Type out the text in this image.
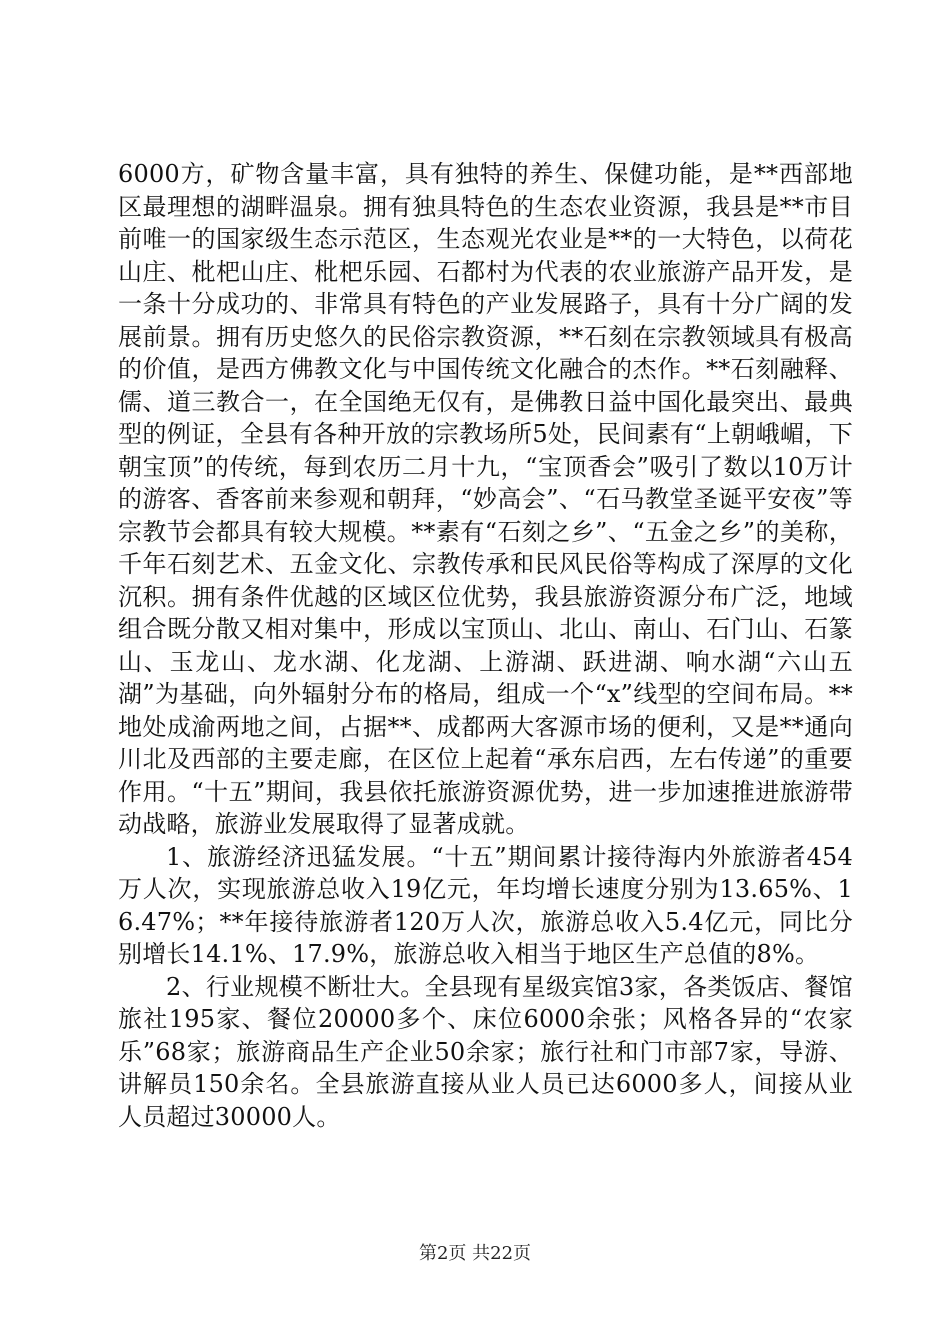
6000方，矿物含量丰富，具有独特的养生、保健功能，是**西部地区最理想的湖畔温泉。拥有独具特色的生态农业资源，我县是**市目前唯一的国家级生态示范区，生态观光农业是**的一大特色，以荷花山庄、枇杷山庄、枇杷乐园、石都村为代表的农业旅游产品开发，是一条十分成功的、非常具有特色的产业发展路子，具有十分广阔的发展前景。拥有历史悠久的民俗宗教资源，**石刻在宗教领域具有极高的价值，是西方佛教文化与中国传统文化融合的杰作。**石刻融释、儒、道三教合一，在全国绝无仅有，是佛教日益中国化最突出、最典型的例证，全县有各种开放的宗教场所5处，民间素有“上朝峨嵋，下朝宝顶”的传统，每到农历二月十九，“宝顶香会”吸引了数以10万计的游客、香客前来参观和朝拜，“妙高会”、“石马教堂圣诞平安夜”等宗教节会都具有较大规模。**素有“石刻之乡”、“五金之乡”的美称，千年石刻艺术、五金文化、宗教传承和民风民俗等构成了深厚的文化沉积。拥有条件优越的区域区位优势，我县旅游资源分布广泛，地域组合既分散又相对集中，形成以宝顶山、北山、南山、石门山、石篆山、玉龙山、龙水湖、化龙湖、上游湖、跃进湖、响水湖“六山五湖”为基础，向外辐射分布的格局，组成一个“x”线型的空间布局。**地处成渝两地之间，占据**、成都两大客源市场的便利，又是**通向川北及西部的主要走廊，在区位上起着“承东启西，左右传递”的重要作用。“十五”期间，我县依托旅游资源优势，进一步加速推进旅游带动战略，旅游业发展取得了显著成就。

1、旅游经济迅猛发展。“十五”期间累计接待海内外旅游者454万人次，实现旅游总收入19亿元，年均增长速度分别为13.65%、16.47%；**年接待旅游者120万人次，旅游总收入5.4亿元，同比分别增长14.1%、17.9%，旅游总收入相当于地区生产总值的8%。

2、行业规模不断壮大。全县现有星级宾馆3家，各类饭店、餐馆旅社195家、餐位20000多个、床位6000余张；风格各异的“农家乐”68家；旅游商品生产企业50余家；旅行社和门市部7家，导游、讲解员150余名。全县旅游直接从业人员已达6000多人，间接从业人员超过30000人。

第2页 共22页
